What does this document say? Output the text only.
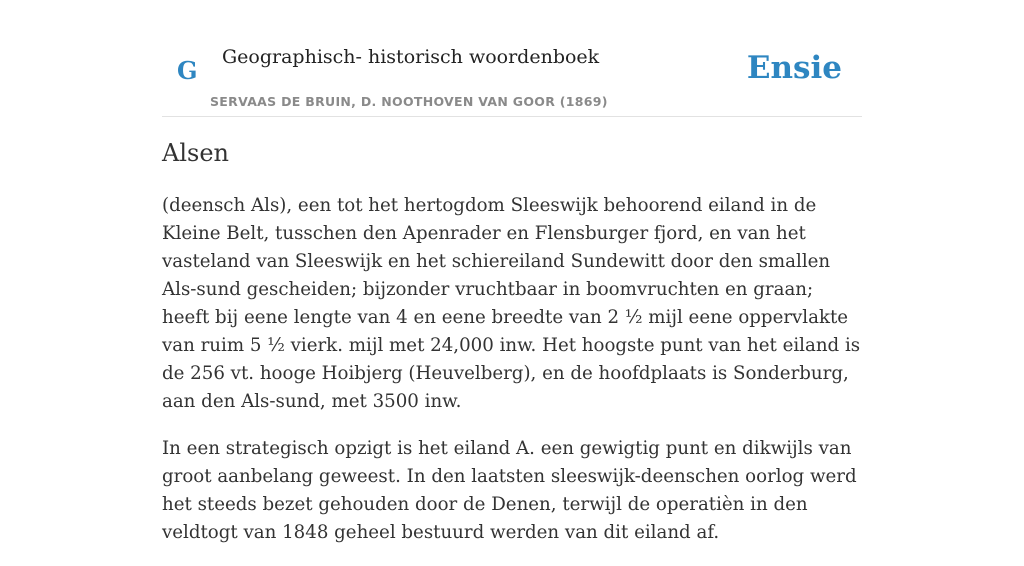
G Geographisch- historisch woordenboek
SERVAAS DE BRUIN, D. NOOTHOVEN VAN GOOR (1869)
Ensie
Alsen

(deensch Als), een tot het hertogdom Sleeswijk behoorend eiland in de Kleine Belt, tusschen den Apenrader en Flensburger fjord, en van het vasteland van Sleeswijk en het schiereiland Sundewitt door den smallen Als-sund gescheiden; bijzonder vruchtbaar in boomvruchten en graan; heeft bij eene lengte van 4 en eene breedte van 2 ½ mijl eene oppervlakte van ruim 5 ½ vierk. mijl met 24,000 inw. Het hoogste punt van het eiland is de 256 vt. hooge Hoibjerg (Heuvelberg), en de hoofdplaats is Sonderburg, aan den Als-sund, met 3500 inw.

In een strategisch opzigt is het eiland A. een gewigtig punt en dikwijls van groot aanbelang geweest. In den laatsten sleeswijk-deenschen oorlog werd het steeds bezet gehouden door de Denen, terwijl de operatièn in den veldtogt van 1848 geheel bestuurd werden van dit eiland af.
